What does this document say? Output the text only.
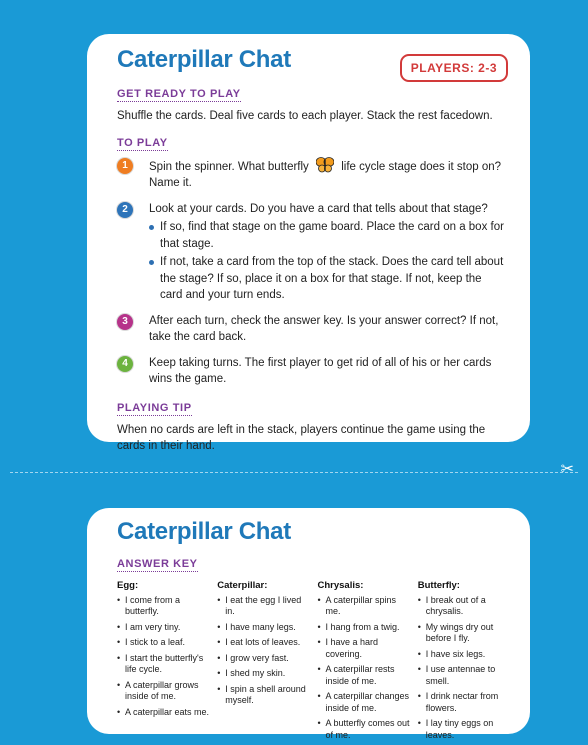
✂
Caterpillar Chat	PLAYERS: 2-3
GET READY TO PLAY
Shuffle the cards. Deal five cards to each player. Stack the rest facedown.
TO PLAY
1	Spin the spinner. What butterfly	life cycle stage does it stop on? Name it.
2	Look at your cards. Do you have a card that tells about that stage?
If so, find that stage on the game board. Place the card on a box for that stage.
If not, take a card from the top of the stack. Does the card tell about the stage? If so, place it on a box for that stage. If not, keep the card and your turn ends.
3	After each turn, check the answer key. Is your answer correct? If not, take the card back.
4	Keep taking turns. The first player to get rid of all of his or her cards wins the game.
PLAYING TIP
When no cards are left in the stack, players continue the game using the cards in their hand.
Caterpillar Chat
ANSWER KEY
Egg:
• I come from a butterfly.
• I am very tiny.
• I stick to a leaf.
• I start the butterfly's life cycle.
• A caterpillar grows inside of me.
• A caterpillar eats me.
Caterpillar:
• I eat the egg I lived in.
• I have many legs.
• I eat lots of leaves.
• I grow very fast.
• I shed my skin.
• I spin a shell around myself.
Chrysalis:
• A caterpillar spins me.
• I hang from a twig.
• I have a hard covering.
• A caterpillar rests inside of me.
• A caterpillar changes inside of me.
• A butterfly comes out of me.
Butterfly:
• I break out of a chrysalis.
• My wings dry out before I fly.
• I have six legs.
• I use antennae to smell.
• I drink nectar from flowers.
• I lay tiny eggs on leaves.
